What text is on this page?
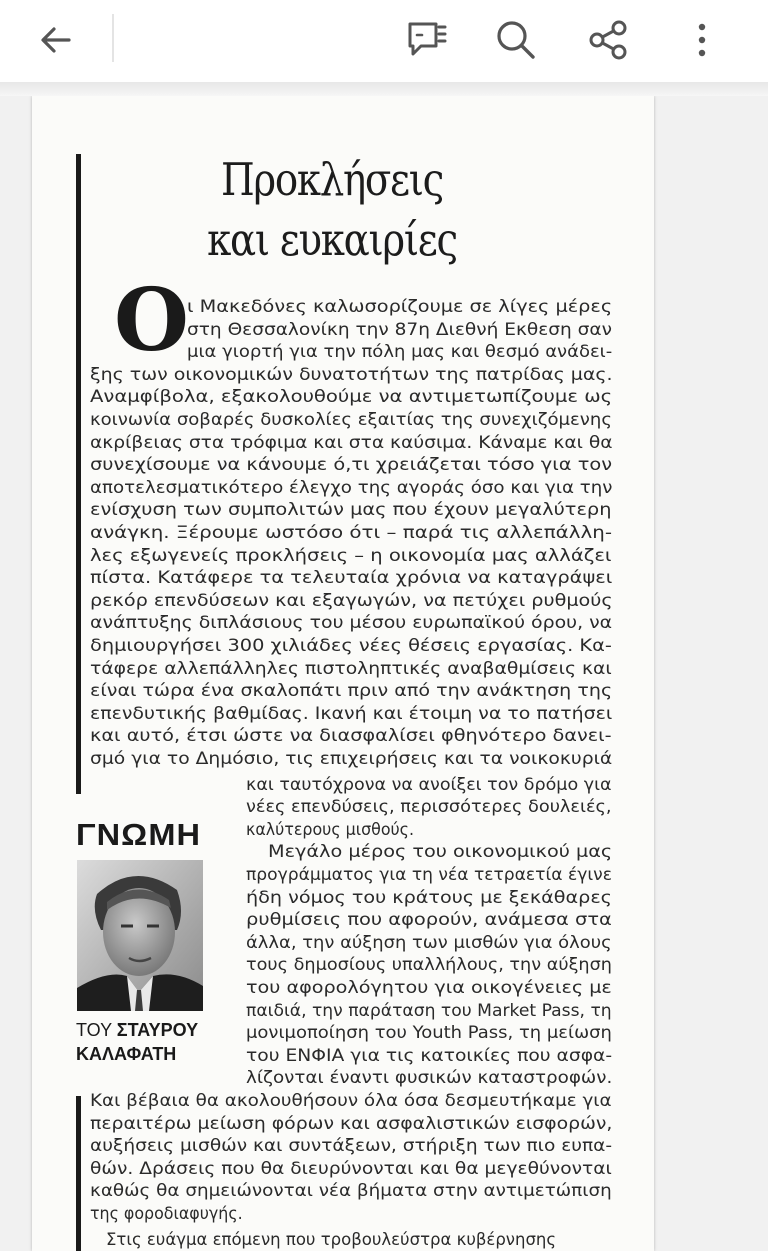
Προκλήσεις
και ευκαιρίες
Ο
ι Μακεδόνες καλωσορίζουμε σε λίγες μέρες
στη Θεσσαλονίκη την 87η Διεθνή Εκθεση σαν
μια γιορτή για την πόλη μας και θεσμό ανάδει-
ξης των οικονομικών δυνατοτήτων της πατρίδας μας.
Αναμφίβολα, εξακολουθούμε να αντιμετωπίζουμε ως
κοινωνία σοβαρές δυσκολίες εξαιτίας της συνεχιζόμενης
ακρίβειας στα τρόφιμα και στα καύσιμα. Κάναμε και θα
συνεχίσουμε να κάνουμε ό,τι χρειάζεται τόσο για τον
αποτελεσματικότερο έλεγχο της αγοράς όσο και για την
ενίσχυση των συμπολιτών μας που έχουν μεγαλύτερη
ανάγκη. Ξέρουμε ωστόσο ότι – παρά τις αλλεπάλλη-
λες εξωγενείς προκλήσεις – η οικονομία μας αλλάζει
πίστα. Κατάφερε τα τελευταία χρόνια να καταγράψει
ρεκόρ επενδύσεων και εξαγωγών, να πετύχει ρυθμούς
ανάπτυξης διπλάσιους του μέσου ευρωπαϊκού όρου, να
δημιουργήσει 300 χιλιάδες νέες θέσεις εργασίας. Κα-
τάφερε αλλεπάλληλες πιστοληπτικές αναβαθμίσεις και
είναι τώρα ένα σκαλοπάτι πριν από την ανάκτηση της
επενδυτικής βαθμίδας. Ικανή και έτοιμη να το πατήσει
και αυτό, έτσι ώστε να διασφαλίσει φθηνότερο δανει-
σμό για το Δημόσιο, τις επιχειρήσεις και τα νοικοκυριά
και ταυτόχρονα να ανοίξει τον δρόμο για
νέες επενδύσεις, περισσότερες δουλειές,
καλύτερους μισθούς.
Μεγάλο μέρος του οικονομικού μας
προγράμματος για τη νέα τετραετία έγινε
ήδη νόμος του κράτους με ξεκάθαρες
ρυθμίσεις που αφορούν, ανάμεσα στα
άλλα, την αύξηση των μισθών για όλους
τους δημοσίους υπαλλήλους, την αύξηση
του αφορολόγητου για οικογένειες με
παιδιά, την παράταση του Market Pass, τη
μονιμοποίηση του Youth Pass, τη μείωση
του ΕΝΦΙΑ για τις κατοικίες που ασφα-
λίζονται έναντι φυσικών καταστροφών.
Και βέβαια θα ακολουθήσουν όλα όσα δεσμευτήκαμε για
περαιτέρω μείωση φόρων και ασφαλιστικών εισφορών,
αυξήσεις μισθών και συντάξεων, στήριξη των πιο ευπα-
θών. Δράσεις που θα διευρύνονται και θα μεγεθύνονται
καθώς θα σημειώνονται νέα βήματα στην αντιμετώπιση
της φοροδιαφυγής.
Στις ευάγμα επόμενη που τροβουλεύστρα κυβέρνησης
ΓΝΩΜΗ
ΤΟΥ ΣΤΑΥΡΟΥ
ΚΑΛΑΦΑΤΗ
